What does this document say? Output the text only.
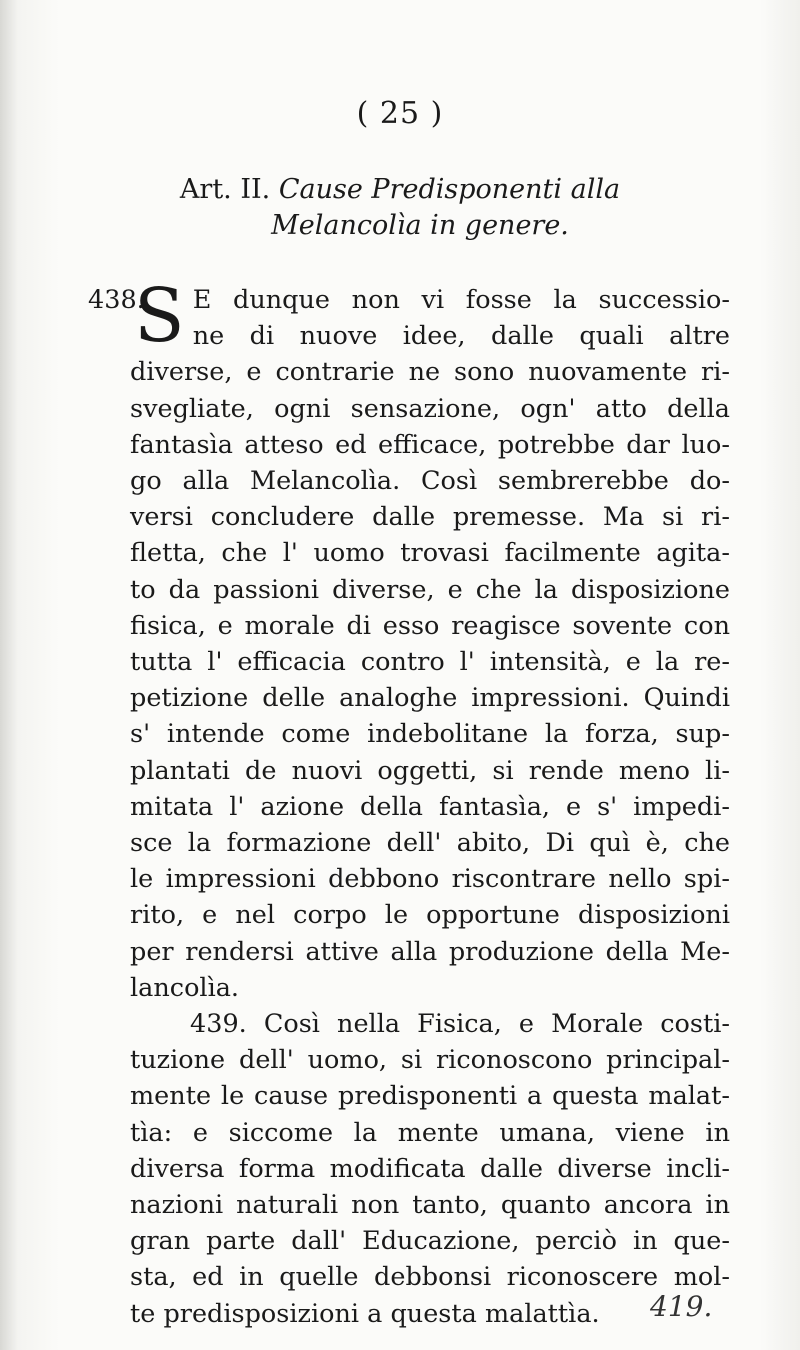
( 25 )
Art. II. Cause Predisponenti alla
Melancolìa in genere.
438.
S E dunque non vi fosse la successio-
ne di nuove idee, dalle quali altre
diverse, e contrarie ne sono nuovamente ri-
svegliate, ogni sensazione, ogn' atto della
fantasìa atteso ed efficace, potrebbe dar luo-
go alla Melancolìa. Così sembrerebbe do-
versi concludere dalle premesse. Ma si ri-
fletta, che l' uomo trovasi facilmente agita-
to da passioni diverse, e che la disposizione
fisica, e morale di esso reagisce sovente con
tutta l' efficacia contro l' intensità, e la re-
petizione delle analoghe impressioni. Quindi
s' intende come indebolitane la forza, sup-
plantati de nuovi oggetti, si rende meno li-
mitata l' azione della fantasìa, e s' impedi-
sce la formazione dell' abito, Di quì è, che
le impressioni debbono riscontrare nello spi-
rito, e nel corpo le opportune disposizioni
per rendersi attive alla produzione della Me-
lancolìa.
439. Così nella Fisica, e Morale costi-
tuzione dell' uomo, si riconoscono principal-
mente le cause predisponenti a questa malat-
tìa: e siccome la mente umana, viene in
diversa forma modificata dalle diverse incli-
nazioni naturali non tanto, quanto ancora in
gran parte dall' Educazione, perciò in que-
sta, ed in quelle debbonsi riconoscere mol-
te predisposizioni a questa malattìa.	419.
